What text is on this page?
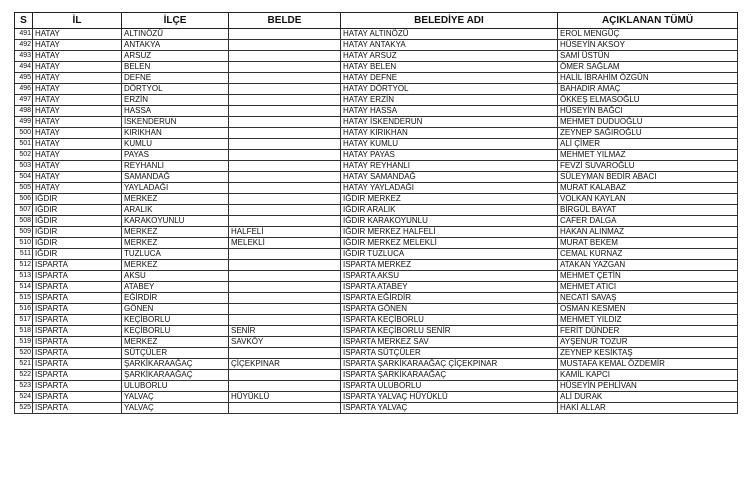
S	İL	İLÇE	BELDE	BELEDİYE ADI	AÇIKLANAN TÜMÜ
491	HATAY	ALTINÖZÜ		HATAY ALTINÖZÜ	EROL MENGÜÇ
492	HATAY	ANTAKYA		HATAY ANTAKYA	HÜSEYİN AKSOY
493	HATAY	ARSUZ		HATAY ARSUZ	SAMİ ÜSTÜN
494	HATAY	BELEN		HATAY BELEN	ÖMER SAĞLAM
495	HATAY	DEFNE		HATAY DEFNE	HALİL İBRAHİM ÖZGÜN
496	HATAY	DÖRTYOL		HATAY DÖRTYOL	BAHADIR AMAÇ
497	HATAY	ERZİN		HATAY ERZİN	ÖKKEŞ ELMASOĞLU
498	HATAY	HASSA		HATAY HASSA	HÜSEYİN BAĞCI
499	HATAY	İSKENDERUN		HATAY İSKENDERUN	MEHMET DUDUOĞLU
500	HATAY	KIRIKHAN		HATAY KIRIKHAN	ZEYNEP SAĞIROĞLU
501	HATAY	KUMLU		HATAY KUMLU	ALİ ÇİMER
502	HATAY	PAYAS		HATAY PAYAS	MEHMET YILMAZ
503	HATAY	REYHANLI		HATAY REYHANLI	FEVZİ SUVAROĞLU
504	HATAY	SAMANDAĞ		HATAY SAMANDAĞ	SÜLEYMAN BEDİR ABACI
505	HATAY	YAYLADAĞI		HATAY YAYLADAĞI	MURAT KALABAZ
506	IĞDIR	MERKEZ		IĞDIR MERKEZ	VOLKAN KAYLAN
507	IĞDIR	ARALIK		IĞDIR ARALIK	BİRGÜL BAYAT
508	IĞDIR	KARAKOYUNLU		IĞDIR KARAKOYUNLU	CAFER DALGA
509	IĞDIR	MERKEZ	HALFELİ	IĞDIR MERKEZ HALFELİ	HAKAN ALINMAZ
510	IĞDIR	MERKEZ	MELEKLİ	IĞDIR MERKEZ MELEKLİ	MURAT BEKEM
511	IĞDIR	TUZLUCA		IĞDIR TUZLUCA	CEMAL KURNAZ
512	ISPARTA	MERKEZ		ISPARTA MERKEZ	ATAKAN YAZGAN
513	ISPARTA	AKSU		ISPARTA AKSU	MEHMET ÇETİN
514	ISPARTA	ATABEY		ISPARTA ATABEY	MEHMET ATICI
515	ISPARTA	EĞİRDİR		ISPARTA EĞİRDİR	NECATİ SAVAŞ
516	ISPARTA	GÖNEN		ISPARTA GÖNEN	OSMAN KESMEN
517	ISPARTA	KEÇİBORLU		ISPARTA KEÇİBORLU	MEHMET YILDIZ
518	ISPARTA	KEÇİBORLU	SENİR	ISPARTA KEÇİBORLU SENİR	FERİT DÜNDER
519	ISPARTA	MERKEZ	SAVKÖY	ISPARTA MERKEZ SAV	AYŞENUR TOZUR
520	ISPARTA	SÜTÇÜLER		ISPARTA SÜTÇÜLER	ZEYNEP KESİKTAŞ
521	ISPARTA	ŞARKİKARAAĞAÇ	ÇİÇEKPINAR	ISPARTA ŞARKİKARAAĞAÇ ÇİÇEKPINAR	MUSTAFA KEMAL ÖZDEMİR
522	ISPARTA	ŞARKİKARAAĞAÇ		ISPARTA ŞARKİKARAAĞAÇ	KAMİL KAPCI
523	ISPARTA	ULUBORLU		ISPARTA ULUBORLU	HÜSEYİN PEHLİVAN
524	ISPARTA	YALVAÇ	HÜYÜKLÜ	ISPARTA YALVAÇ HÜYÜKLÜ	ALİ DURAK
525	ISPARTA	YALVAÇ		ISPARTA YALVAÇ	HAKİ ALLAR
